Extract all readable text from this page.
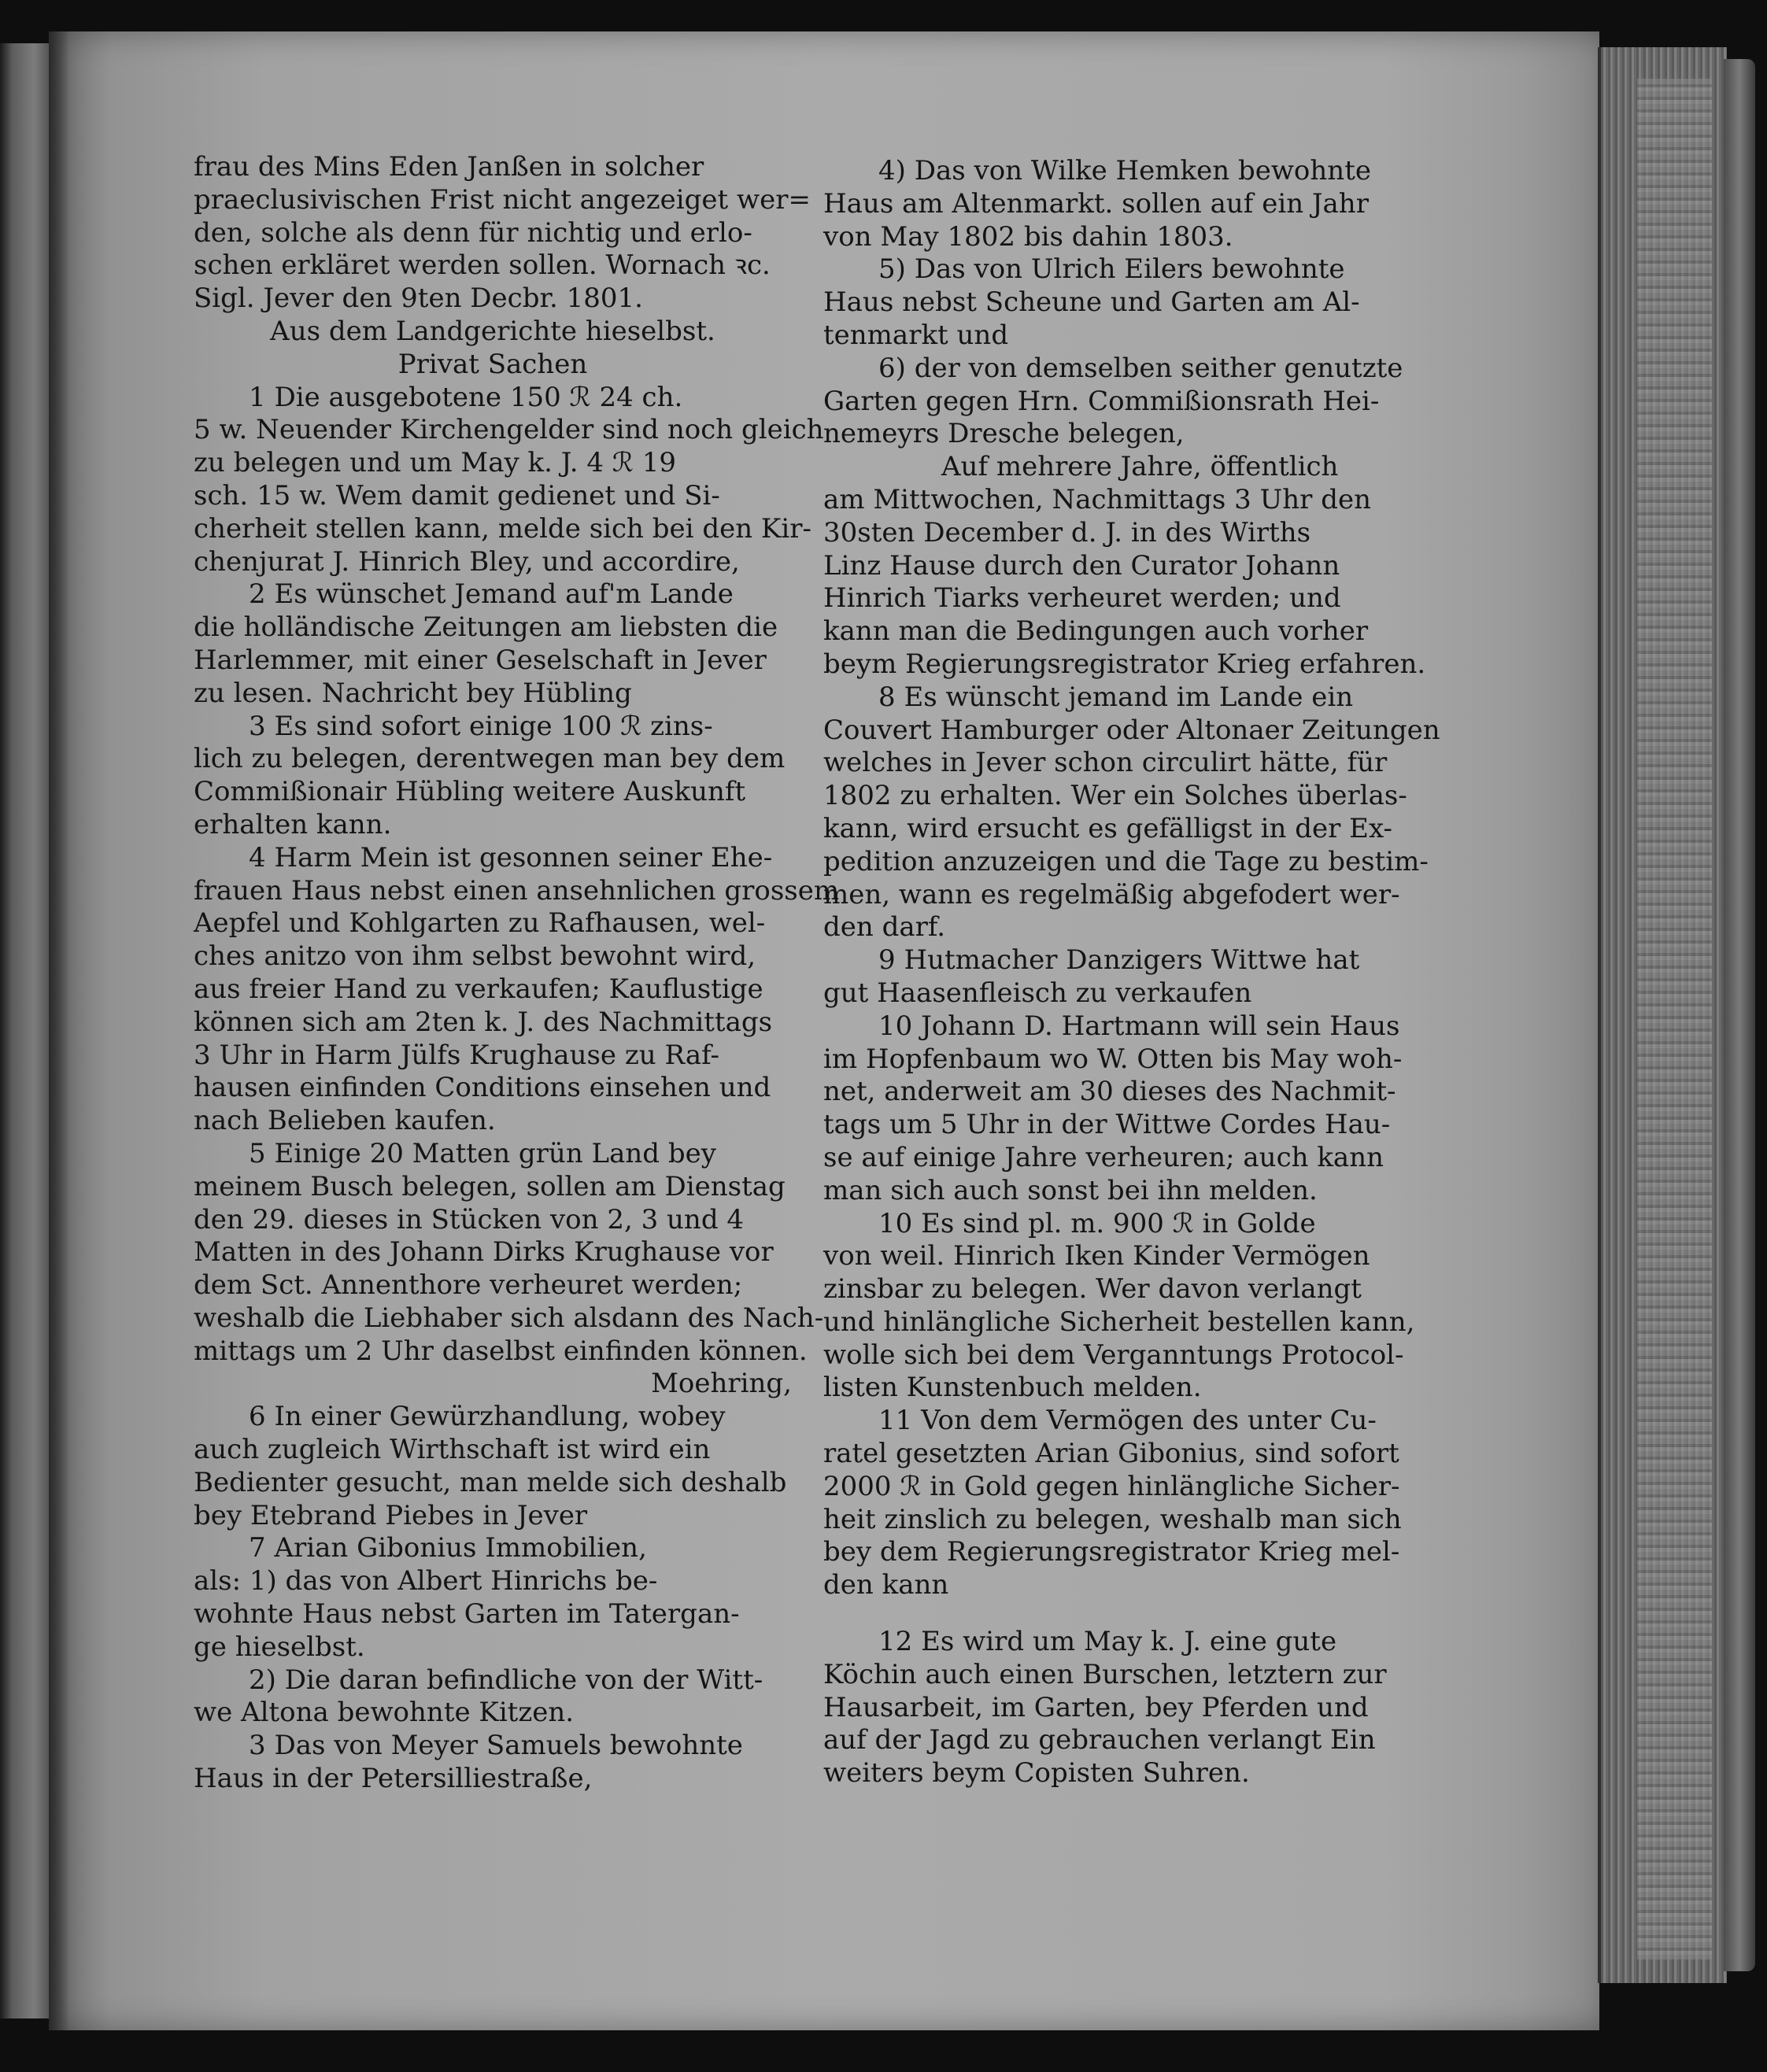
frau des Mins Eden Janßen in solcher
praeclusivischen Frist nicht angezeiget wer=
den, solche als denn für nichtig und erlo-
schen erkläret werden sollen. Wornach ꝛc.
Sigl. Jever den 9ten Decbr. 1801.
Aus dem Landgerichte hieselbst.
Privat Sachen
1 Die ausgebotene 150 ℛ 24 ch.
5 w. Neuender Kirchengelder sind noch gleich
zu belegen und um May k. J. 4 ℛ 19
sch. 15 w. Wem damit gedienet und Si-
cherheit stellen kann, melde sich bei den Kir-
chenjurat J. Hinrich Bley, und accordire,
2 Es wünschet Jemand auf'm Lande
die holländische Zeitungen am liebsten die
Harlemmer, mit einer Geselschaft in Jever
zu lesen. Nachricht bey Hübling
3 Es sind sofort einige 100 ℛ zins-
lich zu belegen, derentwegen man bey dem
Commißionair Hübling weitere Auskunft
erhalten kann.
4 Harm Mein ist gesonnen seiner Ehe-
frauen Haus nebst einen ansehnlichen grossem
Aepfel und Kohlgarten zu Rafhausen, wel-
ches anitzo von ihm selbst bewohnt wird,
aus freier Hand zu verkaufen; Kauflustige
können sich am 2ten k. J. des Nachmittags
3 Uhr in Harm Jülfs Krughause zu Raf-
hausen einfinden Conditions einsehen und
nach Belieben kaufen.
5 Einige 20 Matten grün Land bey
meinem Busch belegen, sollen am Dienstag
den 29. dieses in Stücken von 2, 3 und 4
Matten in des Johann Dirks Krughause vor
dem Sct. Annenthore verheuret werden;
weshalb die Liebhaber sich alsdann des Nach-
mittags um 2 Uhr daselbst einfinden können.
Moehring,
6 In einer Gewürzhandlung, wobey
auch zugleich Wirthschaft ist wird ein
Bedienter gesucht, man melde sich deshalb
bey Etebrand Piebes in Jever
7 Arian Gibonius Immobilien,
als: 1) das von Albert Hinrichs be-
wohnte Haus nebst Garten im Tatergan-
ge hieselbst.
2) Die daran befindliche von der Witt-
we Altona bewohnte Kitzen.
3 Das von Meyer Samuels bewohnte
Haus in der Petersilliestraße,
4) Das von Wilke Hemken bewohnte
Haus am Altenmarkt. sollen auf ein Jahr
von May 1802 bis dahin 1803.
5) Das von Ulrich Eilers bewohnte
Haus nebst Scheune und Garten am Al-
tenmarkt und
6) der von demselben seither genutzte
Garten gegen Hrn. Commißionsrath Hei-
nemeyrs Dresche belegen,
Auf mehrere Jahre, öffentlich
am Mittwochen, Nachmittags 3 Uhr den
30sten December d. J. in des Wirths
Linz Hause durch den Curator Johann
Hinrich Tiarks verheuret werden; und
kann man die Bedingungen auch vorher
beym Regierungsregistrator Krieg erfahren.
8 Es wünscht jemand im Lande ein
Couvert Hamburger oder Altonaer Zeitungen
welches in Jever schon circulirt hätte, für
1802 zu erhalten. Wer ein Solches überlas-
kann, wird ersucht es gefälligst in der Ex-
pedition anzuzeigen und die Tage zu bestim-
men, wann es regelmäßig abgefodert wer-
den darf.
9 Hutmacher Danzigers Wittwe hat
gut Haasenfleisch zu verkaufen
10 Johann D. Hartmann will sein Haus
im Hopfenbaum wo W. Otten bis May woh-
net, anderweit am 30 dieses des Nachmit-
tags um 5 Uhr in der Wittwe Cordes Hau-
se auf einige Jahre verheuren; auch kann
man sich auch sonst bei ihn melden.
10 Es sind pl. m. 900 ℛ in Golde
von weil. Hinrich Iken Kinder Vermögen
zinsbar zu belegen. Wer davon verlangt
und hinlängliche Sicherheit bestellen kann,
wolle sich bei dem Verganntungs Protocol-
listen Kunstenbuch melden.
11 Von dem Vermögen des unter Cu-
ratel gesetzten Arian Gibonius, sind sofort
2000 ℛ in Gold gegen hinlängliche Sicher-
heit zinslich zu belegen, weshalb man sich
bey dem Regierungsregistrator Krieg mel-
den kann
12 Es wird um May k. J. eine gute
Köchin auch einen Burschen, letztern zur
Hausarbeit, im Garten, bey Pferden und
auf der Jagd zu gebrauchen verlangt Ein
weiters beym Copisten Suhren.
